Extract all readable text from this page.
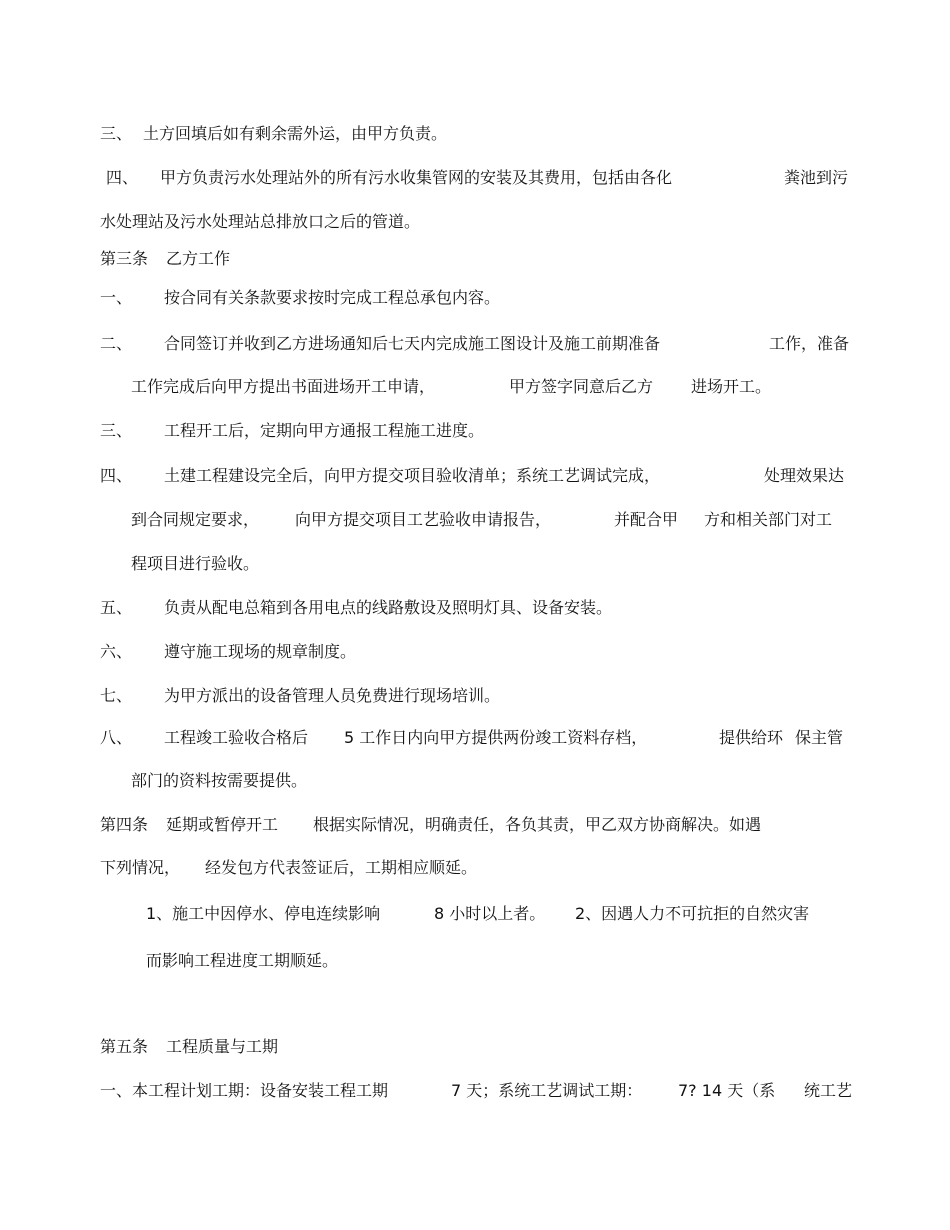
三、 土方回填后如有剩余需外运，由甲方负责。
四、 甲方负责污水处理站外的所有污水收集管网的安装及其费用，包括由各化	粪池到污
水处理站及污水处理站总排放口之后的管道。
第三条 乙方工作
一、 按合同有关条款要求按时完成工程总承包内容。
二、 合同签订并收到乙方进场通知后七天内完成施工图设计及施工前期准备	工作，准备
工作完成后向甲方提出书面进场开工申请，	甲方签字同意后乙方 进场开工。
三、 工程开工后，定期向甲方通报工程施工进度。
四、 土建工程建设完全后，向甲方提交项目验收清单；系统工艺调试完成，	处理效果达
到合同规定要求， 向甲方提交项目工艺验收申请报告，	并配合甲 方和相关部门对工
程项目进行验收。
五、 负责从配电总箱到各用电点的线路敷设及照明灯具、设备安装。
六、 遵守施工现场的规章制度。
七、 为甲方派出的设备管理人员免费进行现场培训。
八、 工程竣工验收合格后 5 工作日内向甲方提供两份竣工资料存档，	提供给环 保主管
部门的资料按需要提供。
第四条 延期或暂停开工 根据实际情况，明确责任，各负其责，甲乙双方协商解决。如遇
下列情况， 经发包方代表签证后，工期相应顺延。
1、施工中因停水、停电连续影响	8 小时以上者。 2、因遇人力不可抗拒的自然灾害
而影响工程进度工期顺延。
第五条 工程质量与工期
一、本工程计划工期：设备安装工程工期	7 天；系统工艺调试工期： 7? 14 天（系 统工艺
